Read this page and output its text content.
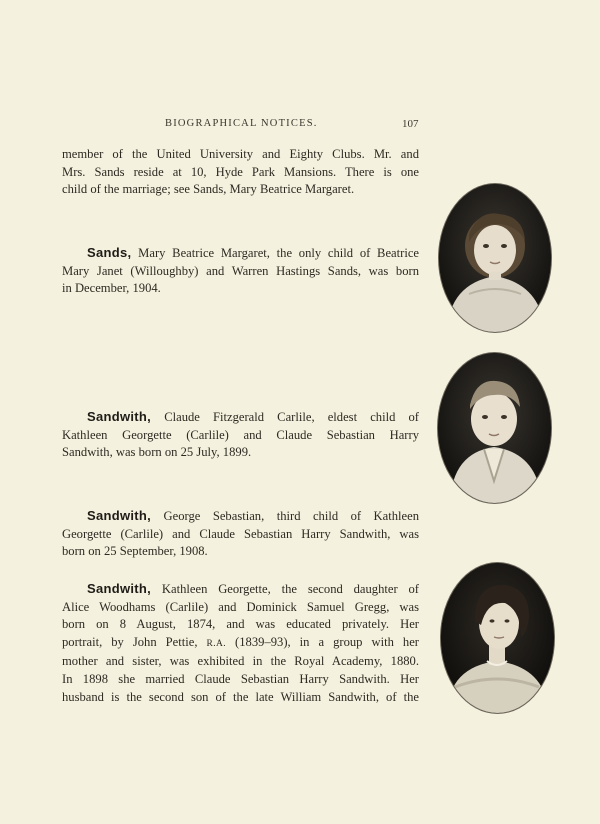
BIOGRAPHICAL NOTICES.	107
member of the United University and Eighty Clubs. Mr. and
Mrs. Sands reside at 10, Hyde Park Mansions. There is one
child of the marriage; see Sands, Mary Beatrice Margaret.
Sands, Mary Beatrice Margaret, the only child of Beatrice
Mary Janet (Willoughby) and Warren Hastings Sands, was born
in December, 1904.
Sandwith, Claude Fitzgerald Carlile, eldest child of
Kathleen Georgette (Carlile) and Claude Sebastian Harry
Sandwith, was born on 25 July, 1899.
Sandwith, George Sebastian, third child of Kathleen
Georgette (Carlile) and Claude Sebastian Harry Sandwith, was
born on 25 September, 1908.
Sandwith, Kathleen Georgette, the second daughter of
Alice Woodhams (Carlile) and Dominick Samuel Gregg, was
born on 8 August, 1874, and was educated privately. Her
portrait, by John Pettie, R.A. (1839–93), in a group with her
mother and sister, was exhibited in the Royal Academy, 1880.
In 1898 she married Claude Sebastian Harry Sandwith. Her
husband is the second son of the late William Sandwith, of the
